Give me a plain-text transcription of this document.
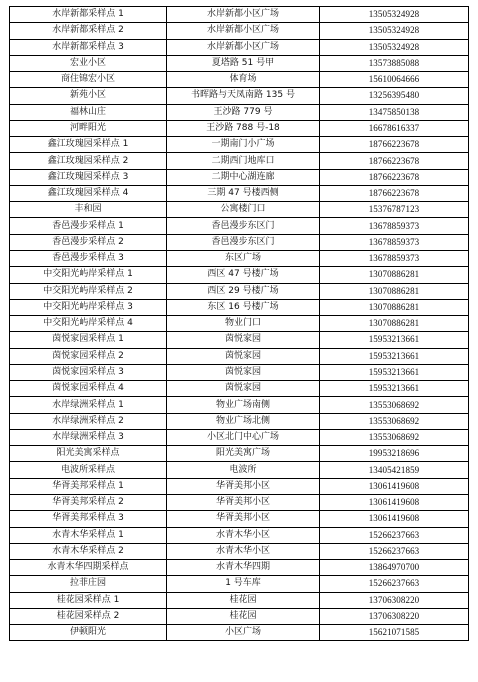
水岸新都采样点 1	水岸新都小区广场	13505324928
水岸新都采样点 2	水岸新都小区广场	13505324928
水岸新都采样点 3	水岸新都小区广场	13505324928
宏业小区	夏塔路 51 号甲	13573885088
商住锦宏小区	体育场	15610064666
新苑小区	书晖路与天凤南路 135 号	13256395480
福林山庄	王沙路 779 号	13475850138
河畔阳光	王沙路 788 号-18	16678616337
鑫江玫瑰园采样点 1	一期南门小广场	18766223678
鑫江玫瑰园采样点 2	二期西门地库口	18766223678
鑫江玫瑰园采样点 3	二期中心湖连廊	18766223678
鑫江玫瑰园采样点 4	三期 47 号楼西侧	18766223678
丰和园	公寓楼门口	15376787123
香邑漫步采样点 1	香邑漫步东区门	13678859373
香邑漫步采样点 2	香邑漫步东区门	13678859373
香邑漫步采样点 3	东区广场	13678859373
中交阳光屿岸采样点 1	西区 47 号楼广场	13070886281
中交阳光屿岸采样点 2	西区 29 号楼广场	13070886281
中交阳光屿岸采样点 3	东区 16 号楼广场	13070886281
中交阳光屿岸采样点 4	物业门口	13070886281
茵悦家园采样点 1	茵悦家园	15953213661
茵悦家园采样点 2	茵悦家园	15953213661
茵悦家园采样点 3	茵悦家园	15953213661
茵悦家园采样点 4	茵悦家园	15953213661
水岸绿洲采样点 1	物业广场南侧	13553068692
水岸绿洲采样点 2	物业广场北侧	13553068692
水岸绿洲采样点 3	小区北门中心广场	13553068692
阳光美寓采样点	阳光美寓广场	19953218696
电波所采样点	电波所	13405421859
华胥美邦采样点 1	华胥美邦小区	13061419608
华胥美邦采样点 2	华胥美邦小区	13061419608
华胥美邦采样点 3	华胥美邦小区	13061419608
水青木华采样点 1	水青木华小区	15266237663
水青木华采样点 2	水青木华小区	15266237663
水青木华四期采样点	水青木华四期	13864970700
拉菲庄园	1 号车库	15266237663
桂花园采样点 1	桂花园	13706308220
桂花园采样点 2	桂花园	13706308220
伊顿阳光	小区广场	15621071585
